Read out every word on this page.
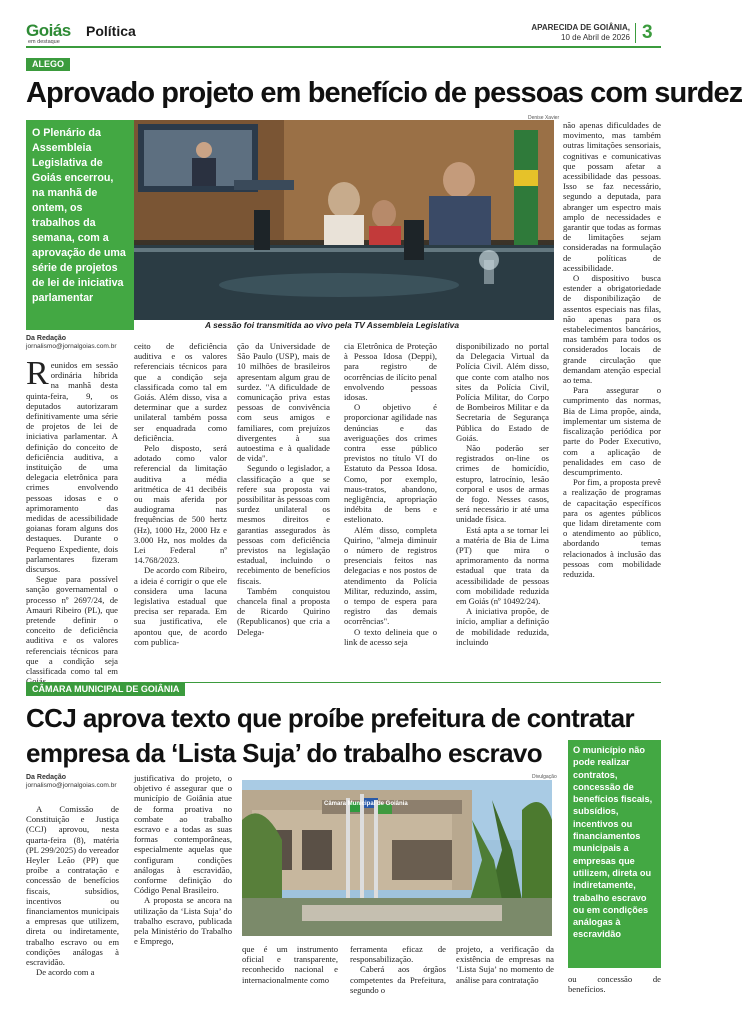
Goiás
em destaque
Política	APARECIDA DE GOIÂNIA,
10 de Abril de 2026 3
ALEGO
Aprovado projeto em benefício de pessoas com surdez
O Plenário da Assembleia Legislativa de Goiás encerrou, na manhã de ontem, os trabalhos da semana, com a aprovação de uma série de projetos de lei de iniciativa parlamentar
Denise Xavier
A sessão foi transmitida ao vivo pela TV Assembleia Legislativa
Da Redação
jornalismo@jornalgoias.com.br

Reunidos em sessão ordinária híbrida na manhã desta quinta-feira, 9, os deputados autorizaram definitivamente uma série de projetos de lei de iniciativa parlamentar. A definição do conceito de deficiência auditiva, a instituição de uma delegacia eletrônica para crimes envolvendo pessoas idosas e o aprimoramento das medidas de acessibilidade goianas foram alguns dos destaques. Durante o Pequeno Expediente, dois parlamentares fizeram discursos.

Segue para possível sanção governamental o processo nº 2697/24, de Amauri Ribeiro (PL), que pretende definir o conceito de deficiência auditiva e os valores referenciais técnicos para que a condição seja classificada como tal em

ceito de deficiência auditiva e os valores referenciais técnicos para que a condição seja classificada como tal em Goiás. Além disso, visa a determinar que a surdez unilateral também possa ser enquadrada como deficiência.

Pelo disposto, será adotado como valor referencial da limitação auditiva a média aritmética de 41 decibéis ou mais aferida por audiograma nas frequências de 500 hertz (Hz), 1000 Hz, 2000 Hz e 3.000 Hz, nos moldes da Lei Federal nº 14.768/2023.

De acordo com Ribeiro, a ideia é corrigir o que ele considera uma lacuna legislativa estadual que precisa ser reparada. Em sua justificativa, ele apontou que, de acordo com publica-

ção da Universidade de São Paulo (USP), mais de 10 milhões de brasileiros apresentam algum grau de surdez. "A dificuldade de comunicação priva estas pessoas de convivência com seus amigos e familiares, com prejuízos divergentes à sua autoestima e à qualidade de vida".

Segundo o legislador, a classificação a que se refere sua proposta vai possibilitar às pessoas com surdez unilateral os mesmos direitos e garantias assegurados às pessoas com deficiência previstos na legislação estadual, incluindo o recebimento de benefícios fiscais.

Também conquistou chancela final a proposta de Ricardo Quirino (Republicanos) que cria a Delega-

cia Eletrônica de Proteção à Pessoa Idosa (Deppi), para registro de ocorrências de ilícito penal envolvendo pessoas idosas.

O objetivo é proporcionar agilidade nas denúncias e das averiguações dos crimes contra esse público previstos no título VI do Estatuto da Pessoa Idosa. Como, por exemplo, maus-tratos, abandono, negligência, apropriação indébita de bens e estelionato.

Além disso, completa Quirino, "almeja diminuir o número de registros presenciais feitos nas delegacias e nos postos de atendimento da Polícia Militar, reduzindo, assim, o tempo de espera para registro das demais ocorrências".

O texto delineia que o link de acesso seja

disponibilizado no portal da Delegacia Virtual da Polícia Civil. Além disso, que conte com atalho nos sites da Polícia Civil, Polícia Militar, do Corpo de Bombeiros Militar e da Secretaria de Segurança Pública do Estado de Goiás.

Não poderão ser registrados on-line os crimes de homicídio, estupro, latrocínio, lesão corporal e usos de armas de fogo. Nesses casos, será necessário ir até uma unidade física.

Está apta a se tornar lei a matéria de Bia de Lima (PT) que mira o aprimoramento da norma estadual que trata da acessibilidade de pessoas com mobilidade reduzida em Goiás (nº 10492/24).

A iniciativa propõe, de início, ampliar a definição de mobilidade reduzida, incluindo

não apenas dificuldades de movimento, mas também outras limitações sensoriais, cognitivas e comunicativas que possam afetar a acessibilidade das pessoas. Isso se faz necessário, segundo a deputada, para abranger um espectro mais amplo de necessidades e garantir que todas as formas de limitações sejam consideradas na formulação de políticas de acessibilidade.

O dispositivo busca estender a obrigatoriedade de disponibilização de assentos especiais nas filas, não apenas para os estabelecimentos bancários, mas também para todos os considerados locais de grande circulação que demandam atenção especial ao tema.

Para assegurar o cumprimento das normas, Bia de Lima propõe, ainda, implementar um sistema de fiscalização periódica por parte do Poder Executivo, com a aplicação de penalidades em caso de descumprimento.

Por fim, a proposta prevê a realização de programas de capacitação específicos para os agentes públicos que lidam diretamente com o atendimento ao público, abordando temas relacionados à inclusão das pessoas com mobilidade reduzida.

CÂMARA MUNICIPAL DE GOIÂNIA
CCJ aprova texto que proíbe prefeitura de contratar
empresa da ‘Lista Suja’ do trabalho escravo	O município não pode realizar contratos, concessão de benefícios fiscais, subsídios, incentivos ou financiamentos municipais a empresas que utilizem, direta ou indiretamente, trabalho escravo ou em condições análogas à escravidão
Da Redação
jornalismo@jornalgoias.com.br
Câmara Municipal de Goiânia
Divulgação

A Comissão de Constituição e Justiça (CCJ) aprovou, nesta quarta-feira (8), matéria (PL 299/2025) do vereador Heyler Leão (PP) que proíbe a contratação e concessão de benefícios fiscais, subsídios, incentivos ou financiamentos municipais a empresas que utilizem, direta ou indiretamente, trabalho escravo ou em condições análogas à escravidão.

De acordo com a

justificativa do projeto, o objetivo é assegurar que o município de Goiânia atue de forma proativa no combate ao trabalho escravo e a todas as suas formas contemporâneas, especialmente aquelas que configuram condições análogas à escravidão, conforme definição do Código Penal Brasileiro.

A proposta se ancora na utilização da ‘Lista Suja’ do trabalho escravo, publicada pela Ministério do Trabalho e Emprego,

que é um instrumento oficial e transparente, reconhecido nacional e internacionalmente como

ferramenta eficaz de responsabilização.

Caberá aos órgãos competentes da Prefeitura, segundo o

projeto, a verificação da existência de empresas na ‘Lista Suja’ no momento de análise para contratação	ou concessão de benefícios.
